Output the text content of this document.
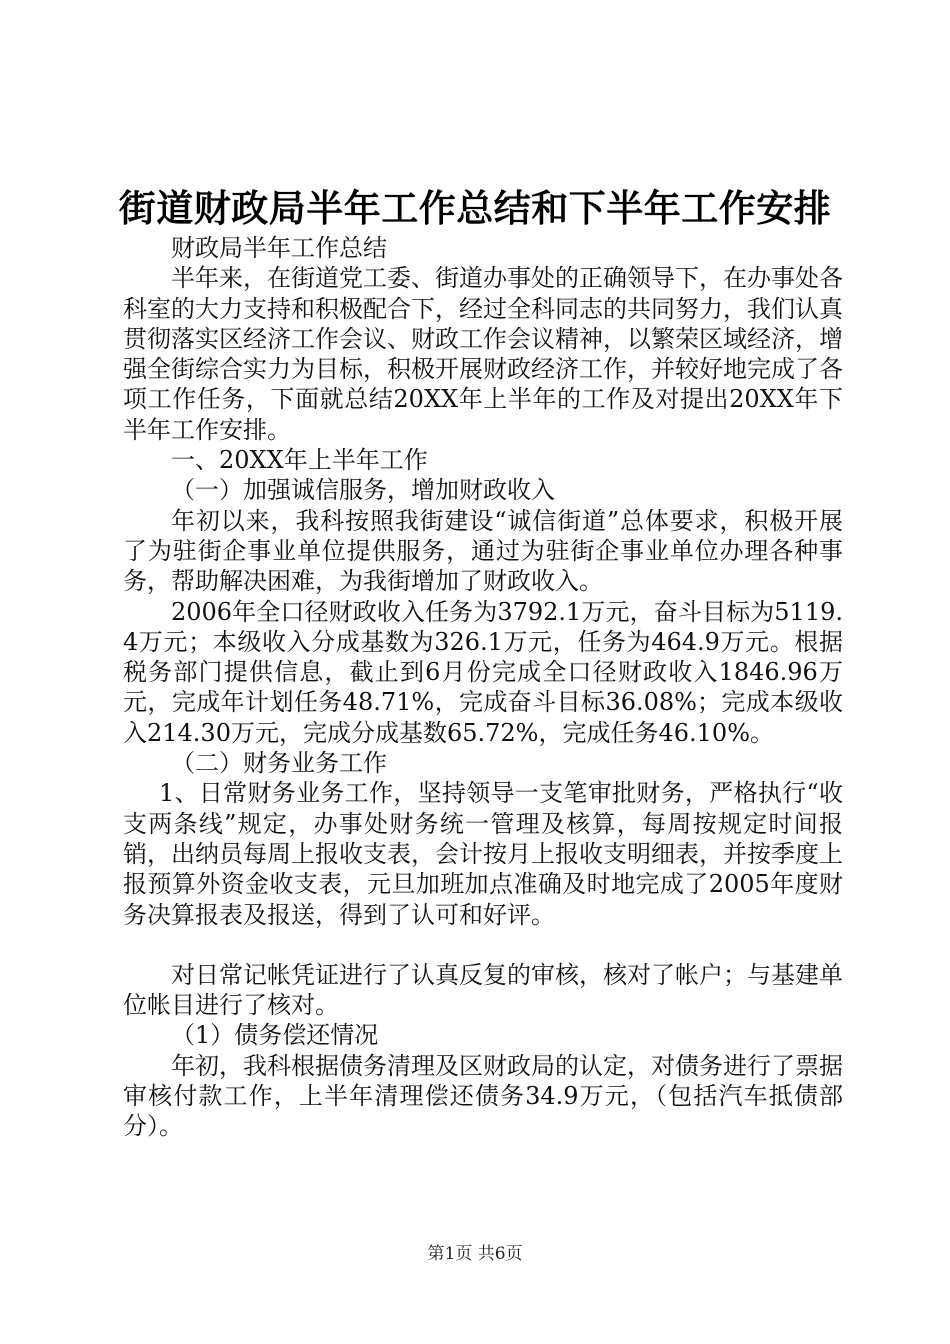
街道财政局半年工作总结和下半年工作安排

财政局半年工作总结

半年来，在街道党工委、街道办事处的正确领导下，在办事处各科室的大力支持和积极配合下，经过全科同志的共同努力，我们认真贯彻落实区经济工作会议、财政工作会议精神，以繁荣区域经济，增强全街综合实力为目标，积极开展财政经济工作，并较好地完成了各项工作任务，下面就总结20XX年上半年的工作及对提出20XX年下半年工作安排。

一、20XX年上半年工作

（一）加强诚信服务，增加财政收入

年初以来，我科按照我街建设“诚信街道”总体要求，积极开展了为驻街企事业单位提供服务，通过为驻街企事业单位办理各种事务，帮助解决困难，为我街增加了财政收入。

2006年全口径财政收入任务为3792.1万元，奋斗目标为5119.4万元；本级收入分成基数为326.1万元，任务为464.9万元。根据税务部门提供信息，截止到6月份完成全口径财政收入1846.96万元，完成年计划任务48.71%，完成奋斗目标36.08%；完成本级收入214.30万元，完成分成基数65.72%，完成任务46.10%。

（二）财务业务工作

1、日常财务业务工作，坚持领导一支笔审批财务，严格执行“收支两条线”规定，办事处财务统一管理及核算，每周按规定时间报销，出纳员每周上报收支表，会计按月上报收支明细表，并按季度上报预算外资金收支表，元旦加班加点准确及时地完成了2005年度财务决算报表及报送，得到了认可和好评。

对日常记帐凭证进行了认真反复的审核，核对了帐户；与基建单位帐目进行了核对。

（1）债务偿还情况

年初，我科根据债务清理及区财政局的认定，对债务进行了票据审核付款工作，上半年清理偿还债务34.9万元，（包括汽车抵债部分）。

第1页 共6页
